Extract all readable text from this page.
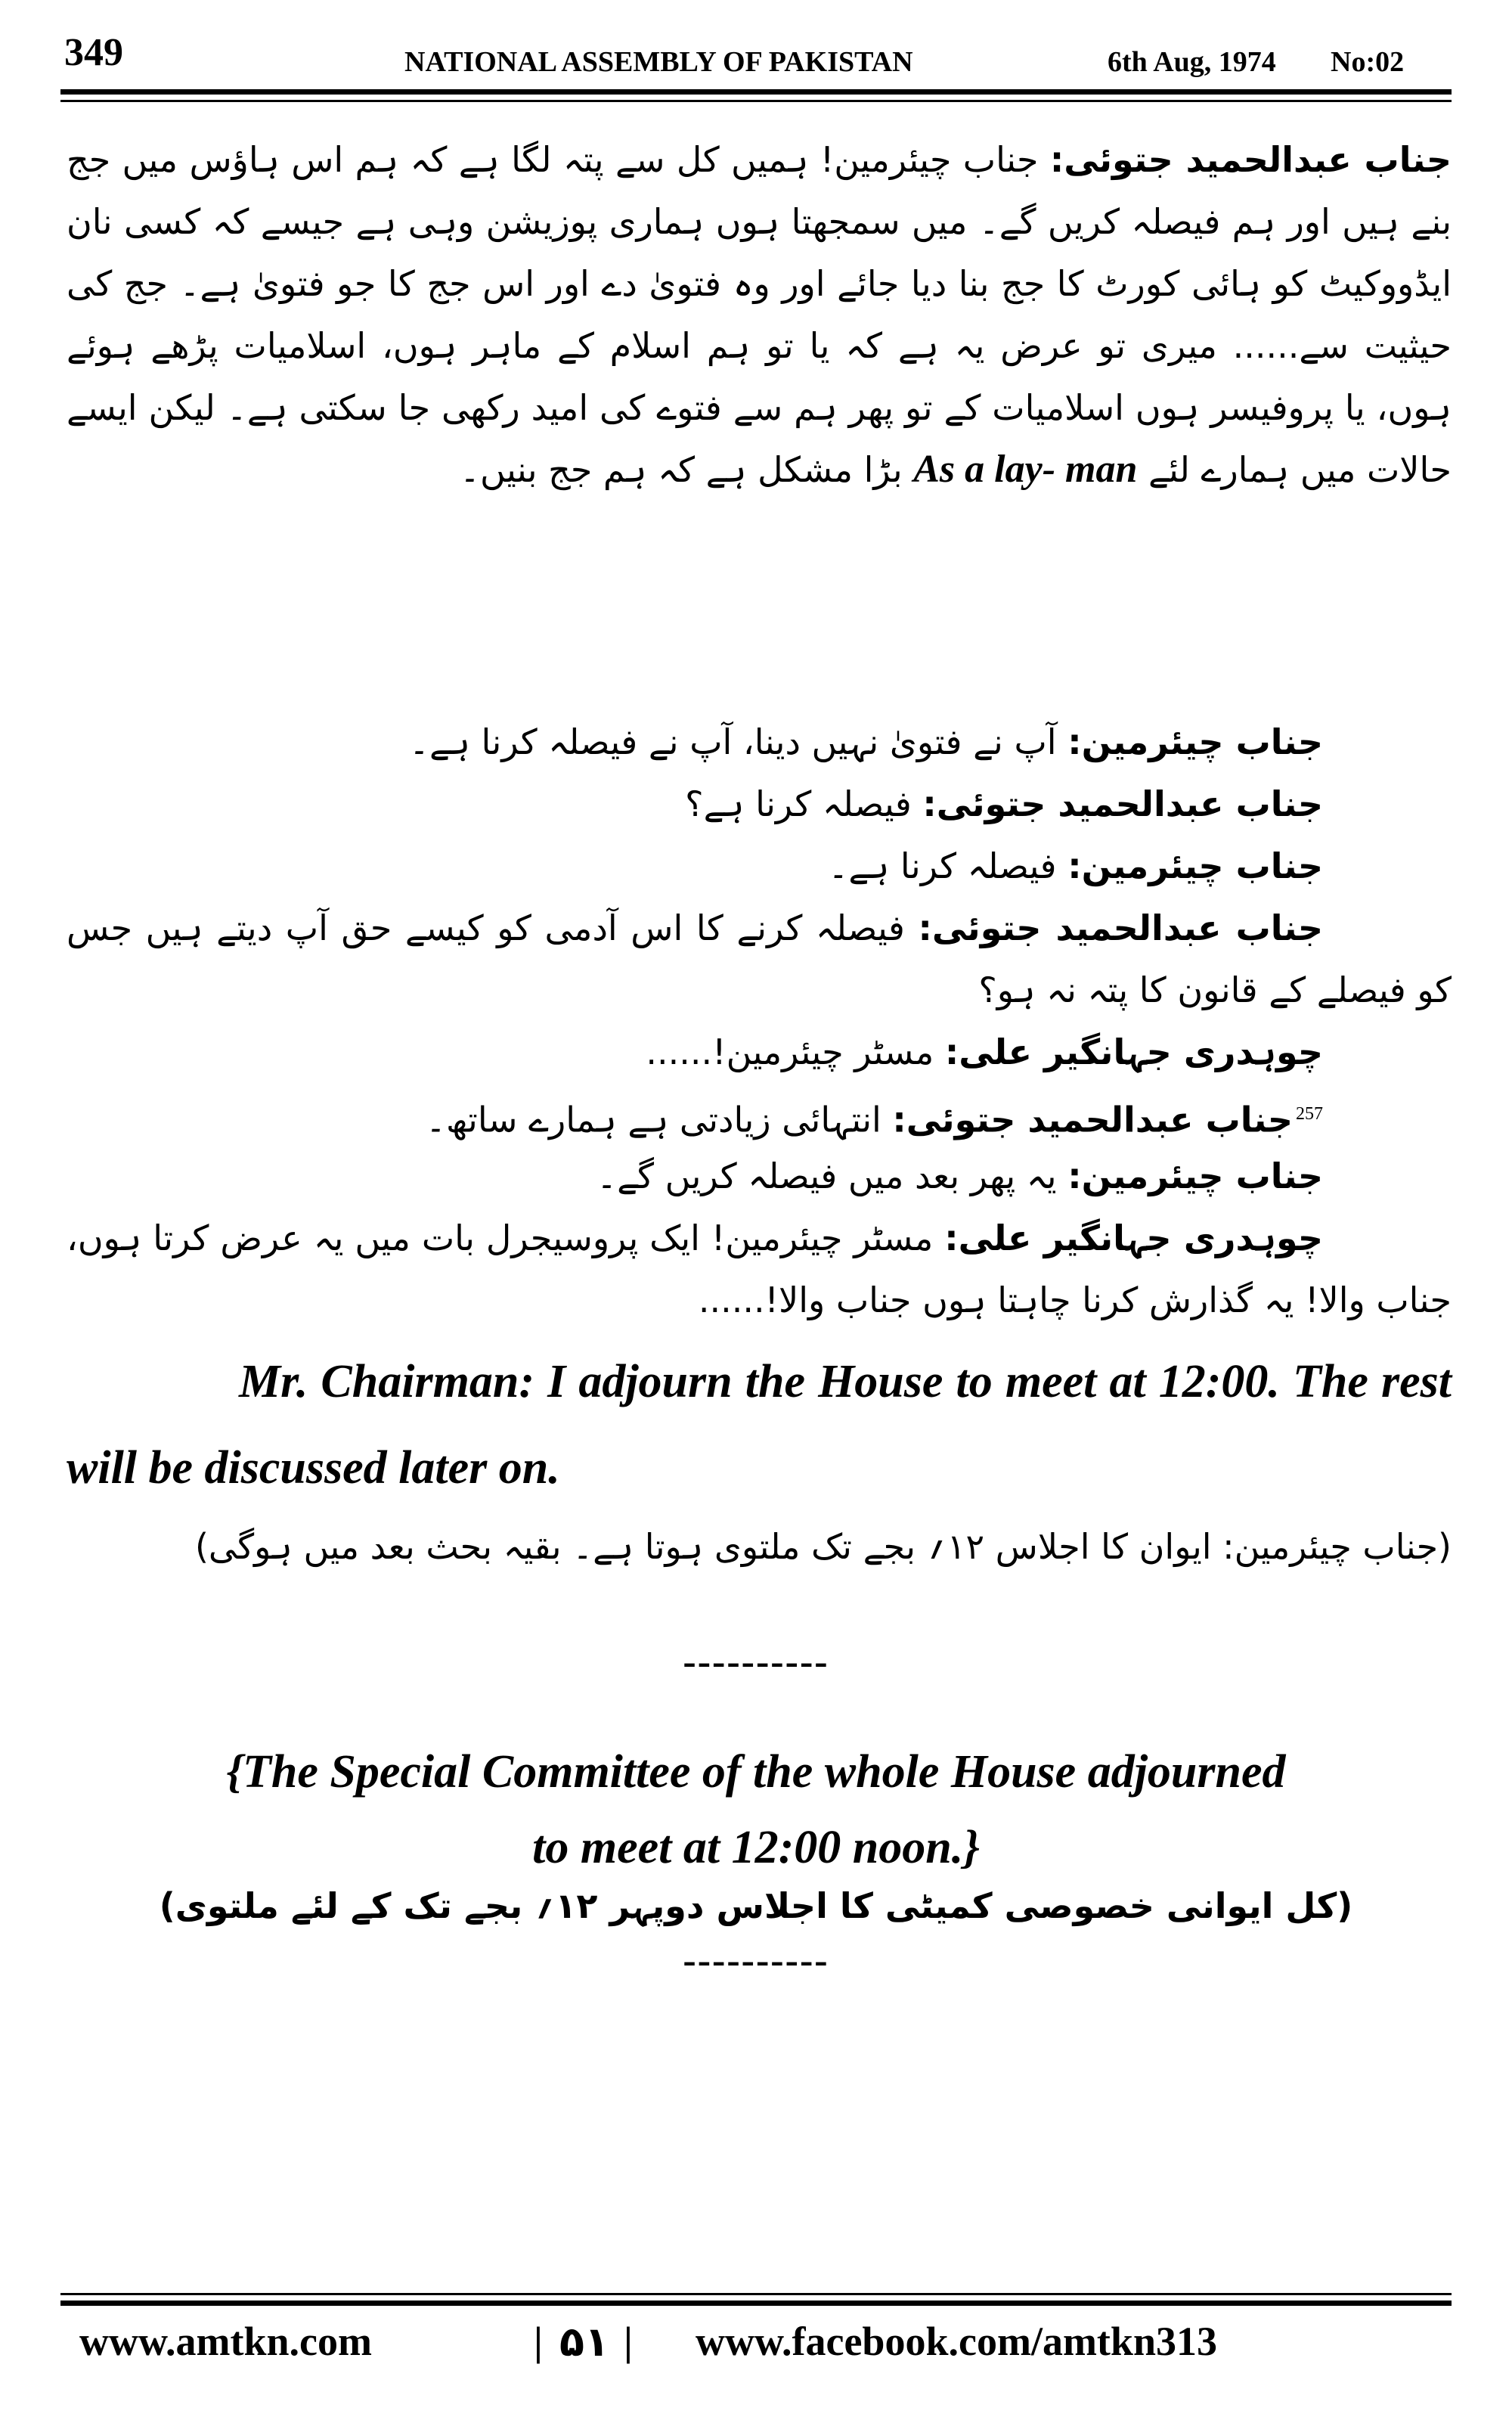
349	NATIONAL ASSEMBLY OF PAKISTAN	6th Aug, 1974 No:02
جناب عبدالحمید جتوئی: جناب چیئرمین! ہمیں کل سے پتہ لگا ہے کہ ہم اس ہاؤس میں جج بنے ہیں اور ہم فیصلہ کریں گے۔ میں سمجھتا ہوں ہماری پوزیشن وہی ہے جیسے کہ کسی نان ایڈووکیٹ کو ہائی کورٹ کا جج بنا دیا جائے اور وہ فتویٰ دے اور اس جج کا جو فتویٰ ہے۔ جج کی حیثیت سے...... میری تو عرض یہ ہے کہ یا تو ہم اسلام کے ماہر ہوں، اسلامیات پڑھے ہوئے ہوں، یا پروفیسر ہوں اسلامیات کے تو پھر ہم سے فتوے کی امید رکھی جا سکتی ہے۔ لیکن ایسے حالات میں ہمارے لئے As a lay- man بڑا مشکل ہے کہ ہم جج بنیں۔
جناب چیئرمین: آپ نے فتویٰ نہیں دینا، آپ نے فیصلہ کرنا ہے۔
جناب عبدالحمید جتوئی: فیصلہ کرنا ہے؟
جناب چیئرمین: فیصلہ کرنا ہے۔
جناب عبدالحمید جتوئی: فیصلہ کرنے کا اس آدمی کو کیسے حق آپ دیتے ہیں جس کو فیصلے کے قانون کا پتہ نہ ہو؟
چوہدری جہانگیر علی: مسٹر چیئرمین!......
$^{257}$جناب عبدالحمید جتوئی: انتہائی زیادتی ہے ہمارے ساتھ۔
جناب چیئرمین: یہ پھر بعد میں فیصلہ کریں گے۔
چوہدری جہانگیر علی: مسٹر چیئرمین! ایک پروسیجرل بات میں یہ عرض کرتا ہوں، جناب والا! یہ گذارش کرنا چاہتا ہوں جناب والا!......
Mr. Chairman: I adjourn the House to meet at 12:00. The rest will be discussed later on.
(جناب چیئرمین: ایوان کا اجلاس ۱۲؍ بجے تک ملتوی ہوتا ہے۔ بقیہ بحث بعد میں ہوگی)
----------
{The Special Committee of the whole House adjourned
to meet at 12:00 noon.}
(کل ایوانی خصوصی کمیٹی کا اجلاس دوپہر ۱۲؍ بجے تک کے لئے ملتوی)
----------
www.amtkn.com	| ۵۱ | www.facebook.com/amtkn313
